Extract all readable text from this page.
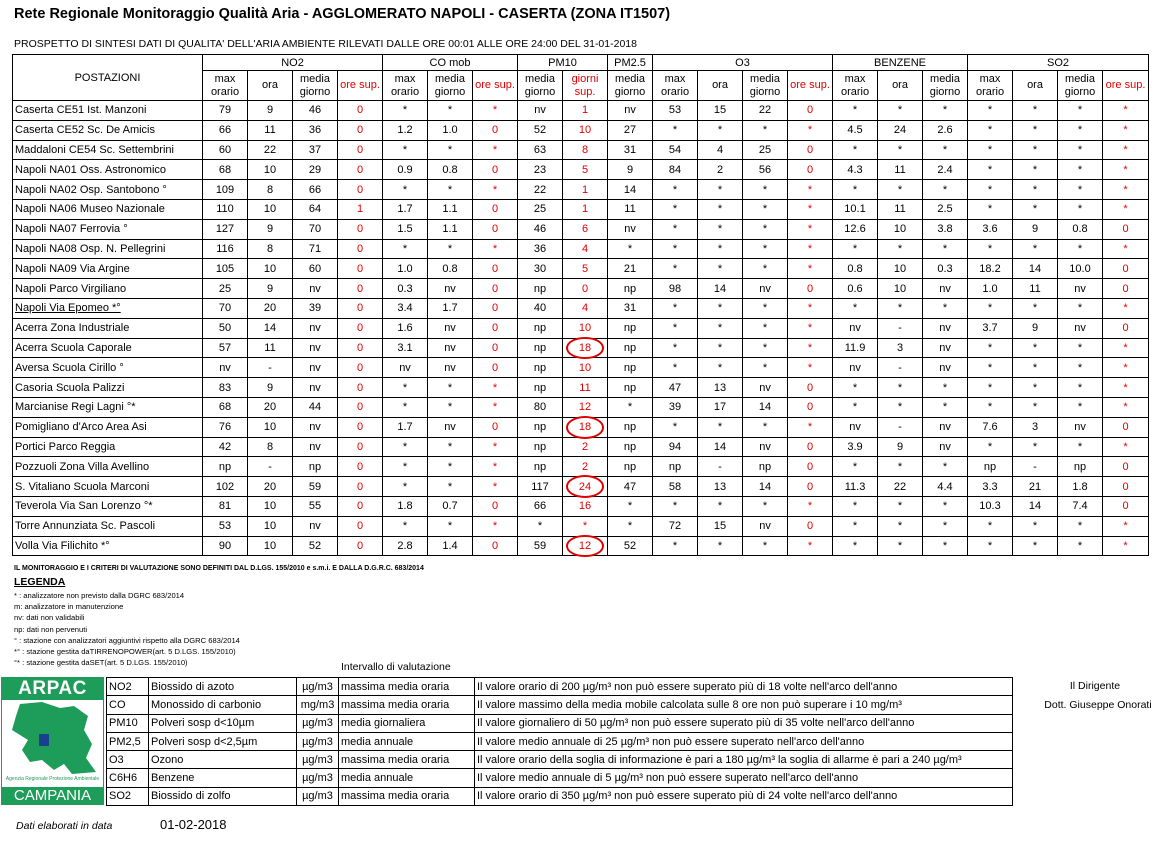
Rete Regionale Monitoraggio Qualità Aria - AGGLOMERATO NAPOLI - CASERTA (ZONA IT1507)
PROSPETTO DI SINTESI DATI DI QUALITA' DELL'ARIA AMBIENTE RILEVATI DALLE ORE 00:01 ALLE ORE 24:00 DEL 31-01-2018
POSTAZIONI	NO2				CO mob			PM10		PM2.5	O3				BENZENE			SO2			
	max orario	ora	media giorno	ore sup.	max orario	media giorno	ore sup.	media giorno	giorni sup.	media giorno	max orario	ora	media giorno	ore sup.	max orario	ora	media giorno	max orario	ora	media giorno	ore sup.
Caserta CE51 Ist. Manzoni	79	9	46	0	*	*	*	nv	1	nv	53	15	22	0	*	*	*	*	*	*	*
Caserta CE52 Sc. De Amicis	66	11	36	0	1.2	1.0	0	52	10	27	*	*	*	*	4.5	24	2.6	*	*	*	*
Maddaloni CE54 Sc. Settembrini	60	22	37	0	*	*	*	63	8	31	54	4	25	0	*	*	*	*	*	*	*
Napoli NA01 Oss. Astronomico	68	10	29	0	0.9	0.8	0	23	5	9	84	2	56	0	4.3	11	2.4	*	*	*	*
Napoli NA02 Osp. Santobono °	109	8	66	0	*	*	*	22	1	14	*	*	*	*	*	*	*	*	*	*	*
Napoli NA06 Museo Nazionale	110	10	64	1	1.7	1.1	0	25	1	11	*	*	*	*	10.1	11	2.5	*	*	*	*
Napoli NA07 Ferrovia °	127	9	70	0	1.5	1.1	0	46	6	nv	*	*	*	*	12.6	10	3.8	3.6	9	0.8	0
Napoli NA08 Osp. N. Pellegrini	116	8	71	0	*	*	*	36	4	*	*	*	*	*	*	*	*	*	*	*	*
Napoli NA09 Via Argine	105	10	60	0	1.0	0.8	0	30	5	21	*	*	*	*	0.8	10	0.3	18.2	14	10.0	0
Napoli Parco Virgiliano	25	9	nv	0	0.3	nv	0	np	0	np	98	14	nv	0	0.6	10	nv	1.0	11	nv	0
Napoli Via Epomeo *°	70	20	39	0	3.4	1.7	0	40	4	31	*	*	*	*	*	*	*	*	*	*	*
Acerra Zona Industriale	50	14	nv	0	1.6	nv	0	np	10	np	*	*	*	*	nv	-	nv	3.7	9	nv	0
Acerra Scuola Caporale	57	11	nv	0	3.1	nv	0	np	18	np	*	*	*	*	11.9	3	nv	*	*	*	*
Aversa Scuola Cirillo °	nv	-	nv	0	nv	nv	0	np	10	np	*	*	*	*	nv	-	nv	*	*	*	*
Casoria Scuola Palizzi	83	9	nv	0	*	*	*	np	11	np	47	13	nv	0	*	*	*	*	*	*	*
Marcianise Regi Lagni °*	68	20	44	0	*	*	*	80	12	*	39	17	14	0	*	*	*	*	*	*	*
Pomigliano d'Arco Area Asi	76	10	nv	0	1.7	nv	0	np	18	np	*	*	*	*	nv	-	nv	7.6	3	nv	0
Portici Parco Reggia	42	8	nv	0	*	*	*	np	2	np	94	14	nv	0	3.9	9	nv	*	*	*	*
Pozzuoli Zona Villa Avellino	np	-	np	0	*	*	*	np	2	np	np	-	np	0	*	*	*	np	-	np	0
S. Vitaliano Scuola Marconi	102	20	59	0	*	*	*	117	24	47	58	13	14	0	11.3	22	4.4	3.3	21	1.8	0
Teverola Via San Lorenzo °*	81	10	55	0	1.8	0.7	0	66	16	*	*	*	*	*	*	*	*	10.3	14	7.4	0
Torre Annunziata Sc. Pascoli	53	10	nv	0	*	*	*	*	*	*	72	15	nv	0	*	*	*	*	*	*	*
Volla Via Filichito *°	90	10	52	0	2.8	1.4	0	59	12	52	*	*	*	*	*	*	*	*	*	*	*
IL MONITORAGGIO E I CRITERI DI VALUTAZIONE SONO DEFINITI DAL D.LGS. 155/2010 e s.m.i. E DALLA D.G.R.C. 683/2014
LEGENDA
* : analizzatore non previsto dalla DGRC 683/2014
m: analizzatore in manutenzione
nv: dati non validabili
np: dati non pervenuti
° : stazione con analizzatori aggiuntivi rispetto alla DGRC 683/2014
*° : stazione gestita daTIRRENOPOWER(art. 5 D.LGS. 155/2010)
°* : stazione gestita daSET(art. 5 D.LGS. 155/2010)	Intervallo di valutazione
ARPAC
Agenzia Regionale Protezione Ambientale
CAMPANIA
NO2	Biossido di azoto	µg/m3	massima media oraria	Il valore orario di 200 µg/m³ non può essere superato più di 18 volte nell'arco dell'anno
CO	Monossido di carbonio	mg/m3	massima media oraria	Il valore massimo della media mobile calcolata sulle 8 ore non può superare i 10 mg/m³
PM10	Polveri sosp d<10µm	µg/m3	media giornaliera	Il valore giornaliero di 50 µg/m³ non può essere superato più di 35 volte nell'arco dell'anno
PM2,5	Polveri sosp d<2,5µm	µg/m3	media annuale	Il valore medio annuale di 25 µg/m³ non può essere superato nell'arco dell'anno
O3	Ozono	µg/m3	massima media oraria	Il valore orario della soglia di informazione è pari a 180 µg/m³ la soglia di allarme è pari a 240 µg/m³
C6H6	Benzene	µg/m3	media annuale	Il valore medio annuale di 5 µg/m³ non può essere superato nell'arco dell'anno
SO2	Biossido di zolfo	µg/m3	massima media oraria	Il valore orario di 350 µg/m³ non può essere superato più di 24 volte nell'arco dell'anno
Il Dirigente
Dott. Giuseppe Onorati
Dati elaborati in data	01-02-2018
